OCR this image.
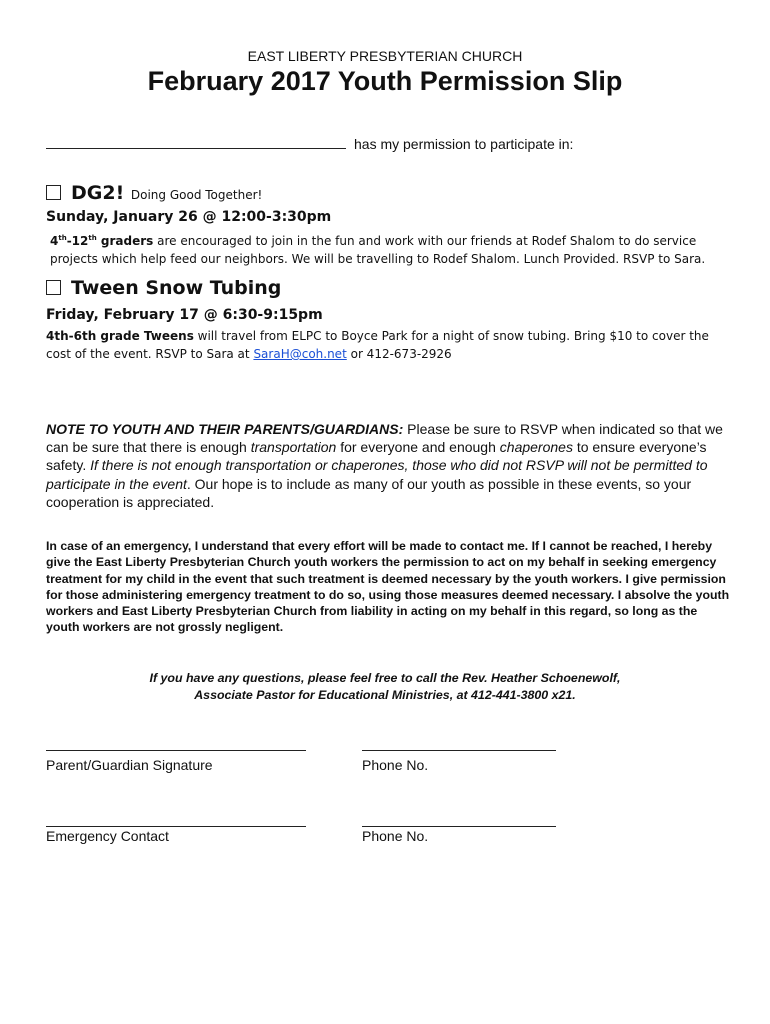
EAST LIBERTY PRESBYTERIAN CHURCH
February 2017 Youth Permission Slip
has my permission to participate in:
DG2! Doing Good Together!
Sunday, January 26 @ 12:00-3:30pm
4th-12th graders are encouraged to join in the fun and work with our friends at Rodef Shalom to do service projects which help feed our neighbors. We will be travelling to Rodef Shalom. Lunch Provided. RSVP to Sara.
Tween Snow Tubing
Friday, February 17 @ 6:30-9:15pm
4th-6th grade Tweens will travel from ELPC to Boyce Park for a night of snow tubing. Bring $10 to cover the cost of the event. RSVP to Sara at SaraH@coh.net or 412-673-2926
NOTE TO YOUTH AND THEIR PARENTS/GUARDIANS: Please be sure to RSVP when indicated so that we can be sure that there is enough transportation for everyone and enough chaperones to ensure everyone’s safety. If there is not enough transportation or chaperones, those who did not RSVP will not be permitted to participate in the event. Our hope is to include as many of our youth as possible in these events, so your cooperation is appreciated.
In case of an emergency, I understand that every effort will be made to contact me. If I cannot be reached, I hereby give the East Liberty Presbyterian Church youth workers the permission to act on my behalf in seeking emergency treatment for my child in the event that such treatment is deemed necessary by the youth workers. I give permission for those administering emergency treatment to do so, using those measures deemed necessary. I absolve the youth workers and East Liberty Presbyterian Church from liability in acting on my behalf in this regard, so long as the youth workers are not grossly negligent.
If you have any questions, please feel free to call the Rev. Heather Schoenewolf,
Associate Pastor for Educational Ministries, at 412-441-3800 x21.
Parent/Guardian Signature	Phone No.
Emergency Contact	Phone No.
